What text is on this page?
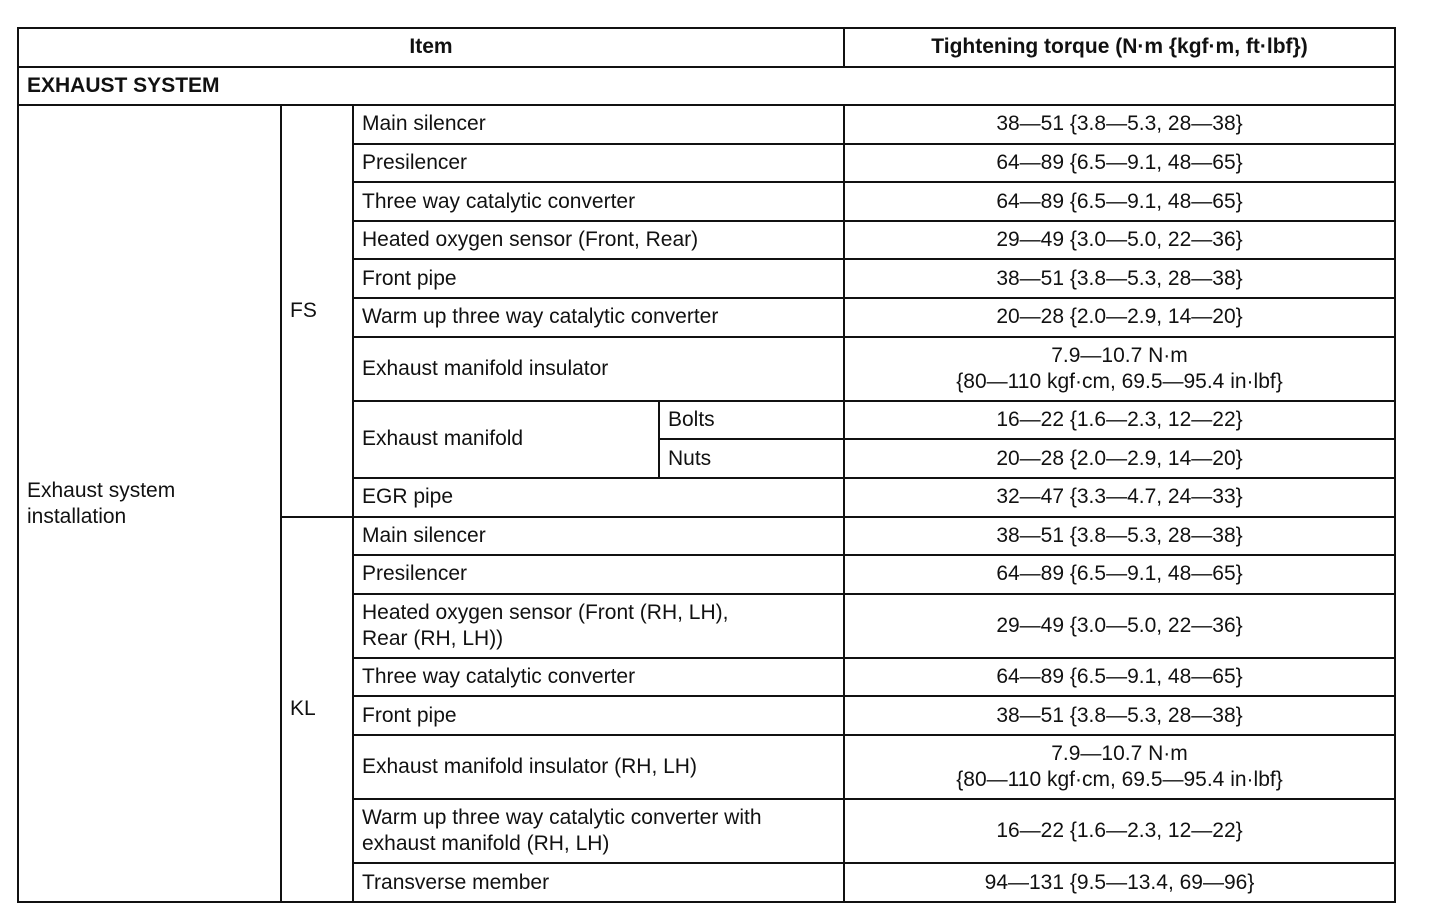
Item				Tightening torque (N·m {kgf·m, ft·lbf})
EXHAUST SYSTEM				
Exhaust system installation	FS	Main silencer		38—51 {3.8—5.3, 28—38}
		Presilencer		64—89 {6.5—9.1, 48—65}
		Three way catalytic converter		64—89 {6.5—9.1, 48—65}
		Heated oxygen sensor (Front, Rear)		29—49 {3.0—5.0, 22—36}
		Front pipe		38—51 {3.8—5.3, 28—38}
		Warm up three way catalytic converter		20—28 {2.0—2.9, 14—20}
		Exhaust manifold insulator		7.9—10.7 N·m
{80—110 kgf·cm, 69.5—95.4 in·lbf}

		Exhaust manifold	Bolts	16—22 {1.6—2.3, 12—22}
			Nuts	20—28 {2.0—2.9, 14—20}
		EGR pipe		32—47 {3.3—4.7, 24—33}
	KL	Main silencer		38—51 {3.8—5.3, 28—38}
		Presilencer		64—89 {6.5—9.1, 48—65}

		Heated oxygen sensor (Front (RH, LH),
Rear (RH, LH))		29—49 {3.0—5.0, 22—36}
		Three way catalytic converter		64—89 {6.5—9.1, 48—65}
		Front pipe		38—51 {3.8—5.3, 28—38}
		Exhaust manifold insulator (RH, LH)		7.9—10.7 N·m
{80—110 kgf·cm, 69.5—95.4 in·lbf}

		Warm up three way catalytic converter with
exhaust manifold (RH, LH)		16—22 {1.6—2.3, 12—22}
		Transverse member		94—131 {9.5—13.4, 69—96}
